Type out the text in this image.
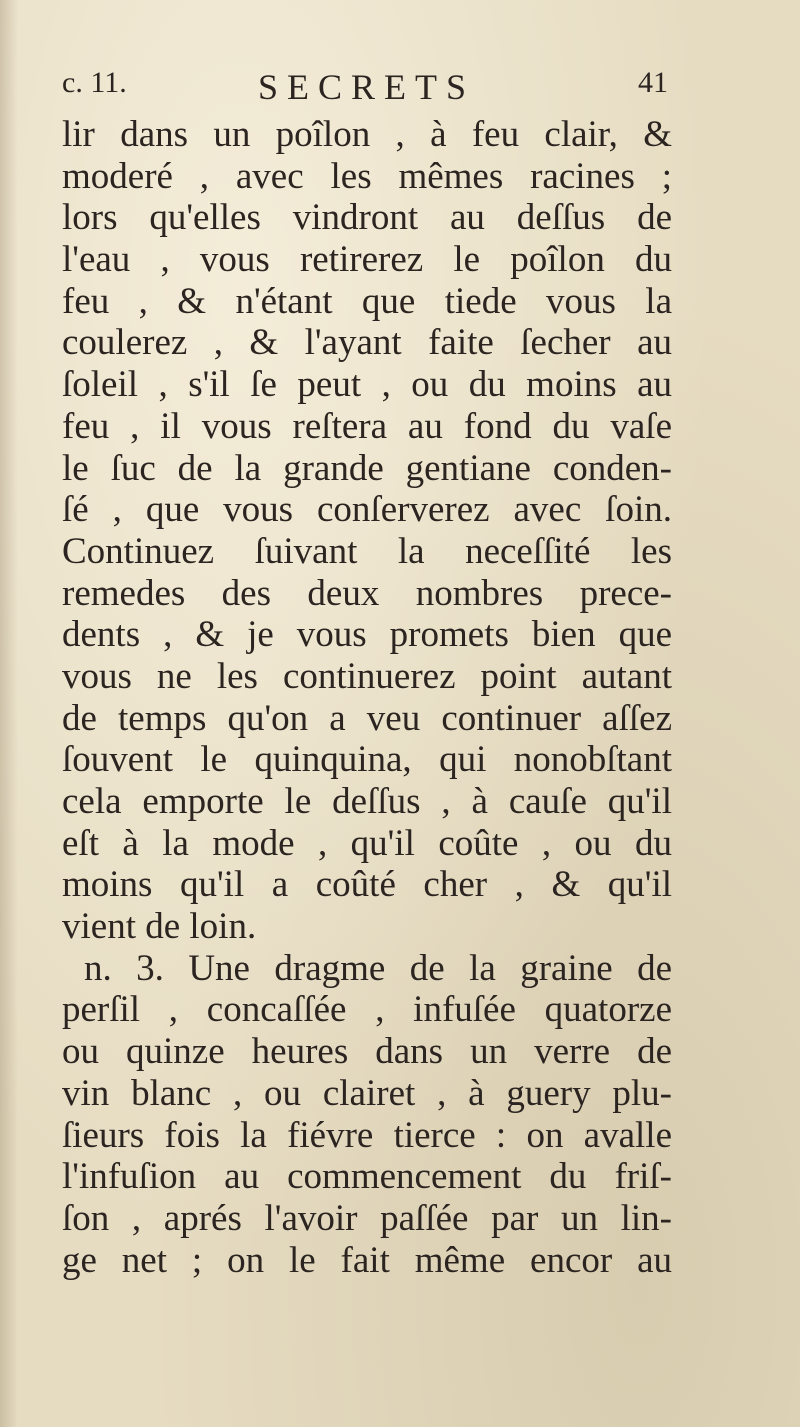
c. 11.	SECRETS	41
lir dans un poîlon , à feu clair, &
moderé , avec les mêmes racines ;
lors qu'elles vindront au deſſus de
l'eau , vous retirerez le poîlon du
feu , & n'étant que tiede vous la
coulerez , & l'ayant faite ſecher au
ſoleil , s'il ſe peut , ou du moins au
feu , il vous reſtera au fond du vaſe
le ſuc de la grande gentiane conden-
ſé , que vous conſerverez avec ſoin.
Continuez ſuivant la neceſſité les
remedes des deux nombres prece-
dents , & je vous promets bien que
vous ne les continuerez point autant
de temps qu'on a veu continuer aſſez
ſouvent le quinquina, qui nonobſtant
cela emporte le deſſus , à cauſe qu'il
eſt à la mode , qu'il coûte , ou du
moins qu'il a coûté cher , & qu'il
vient de loin.
n. 3. Une dragme de la graine de
perſil , concaſſée , infuſée quatorze
ou quinze heures dans un verre de
vin blanc , ou clairet , à guery plu-
ſieurs fois la fiévre tierce : on avalle
l'infuſion au commencement du friſ-
ſon , aprés l'avoir paſſée par un lin-
ge net ; on le fait même encor au
